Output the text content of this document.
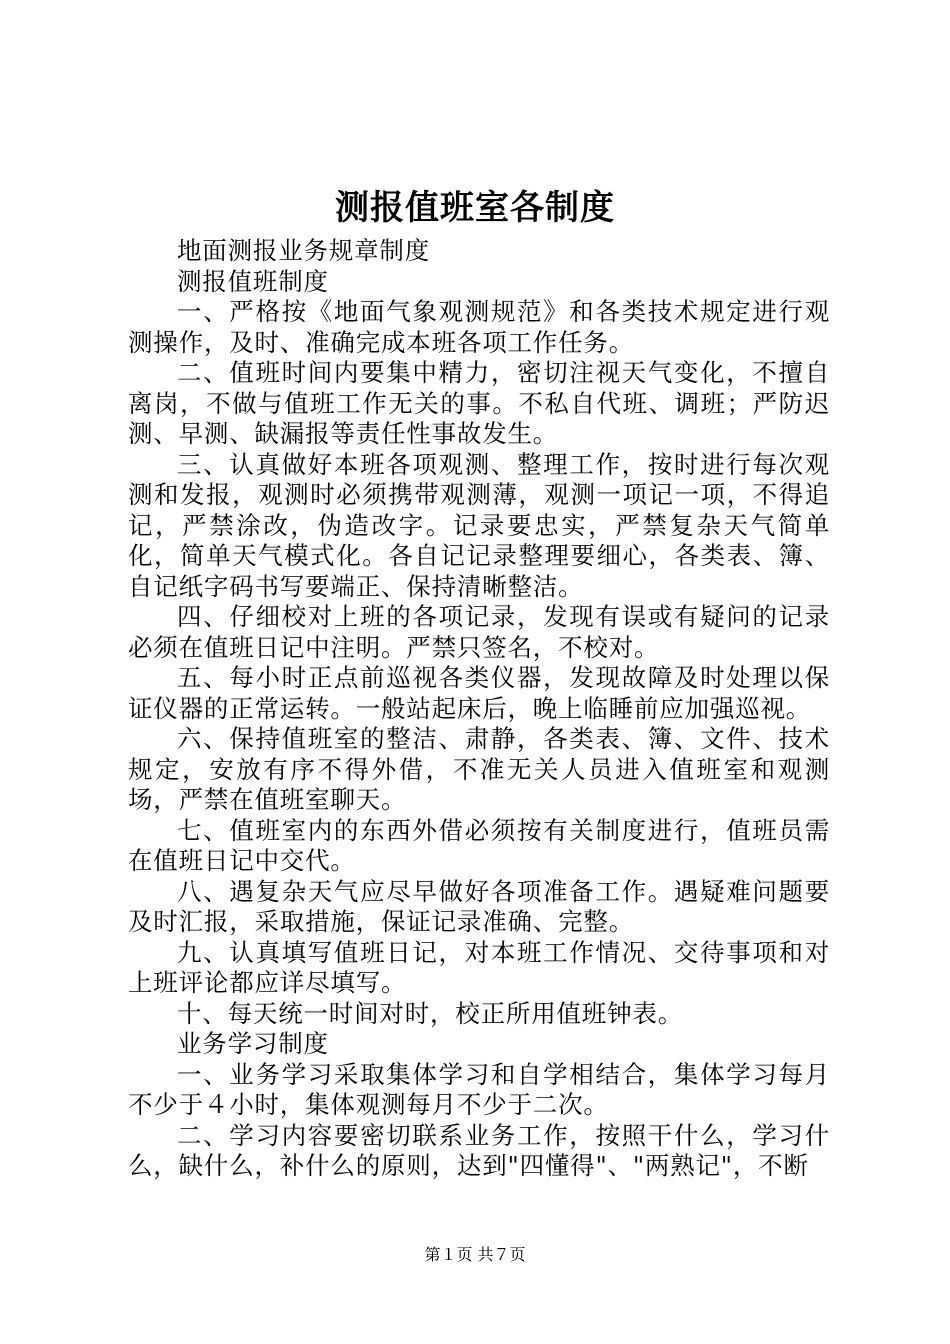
测报值班室各制度

地面测报业务规章制度

测报值班制度

一、严格按《地面气象观测规范》和各类技术规定进行观测操作，及时、准确完成本班各项工作任务。

二、值班时间内要集中精力，密切注视天气变化，不擅自离岗，不做与值班工作无关的事。不私自代班、调班；严防迟测、早测、缺漏报等责任性事故发生。

三、认真做好本班各项观测、整理工作，按时进行每次观测和发报，观测时必须携带观测薄，观测一项记一项，不得追记，严禁涂改，伪造改字。记录要忠实，严禁复杂天气简单化，简单天气模式化。各自记记录整理要细心，各类表、簿、自记纸字码书写要端正、保持清晰整洁。

四、仔细校对上班的各项记录，发现有误或有疑问的记录必须在值班日记中注明。严禁只签名，不校对。

五、每小时正点前巡视各类仪器，发现故障及时处理以保证仪器的正常运转。一般站起床后，晚上临睡前应加强巡视。

六、保持值班室的整洁、肃静，各类表、簿、文件、技术规定，安放有序不得外借，不准无关人员进入值班室和观测场，严禁在值班室聊天。

七、值班室内的东西外借必须按有关制度进行，值班员需在值班日记中交代。

八、遇复杂天气应尽早做好各项准备工作。遇疑难问题要及时汇报，采取措施，保证记录准确、完整。

九、认真填写值班日记，对本班工作情况、交待事项和对上班评论都应详尽填写。

十、每天统一时间对时，校正所用值班钟表。

业务学习制度

一、业务学习采取集体学习和自学相结合，集体学习每月不少于４小时，集体观测每月不少于二次。

二、学习内容要密切联系业务工作，按照干什么，学习什么，缺什么，补什么的原则，达到"四懂得"、"两熟记"，不断

第１页 共７页
